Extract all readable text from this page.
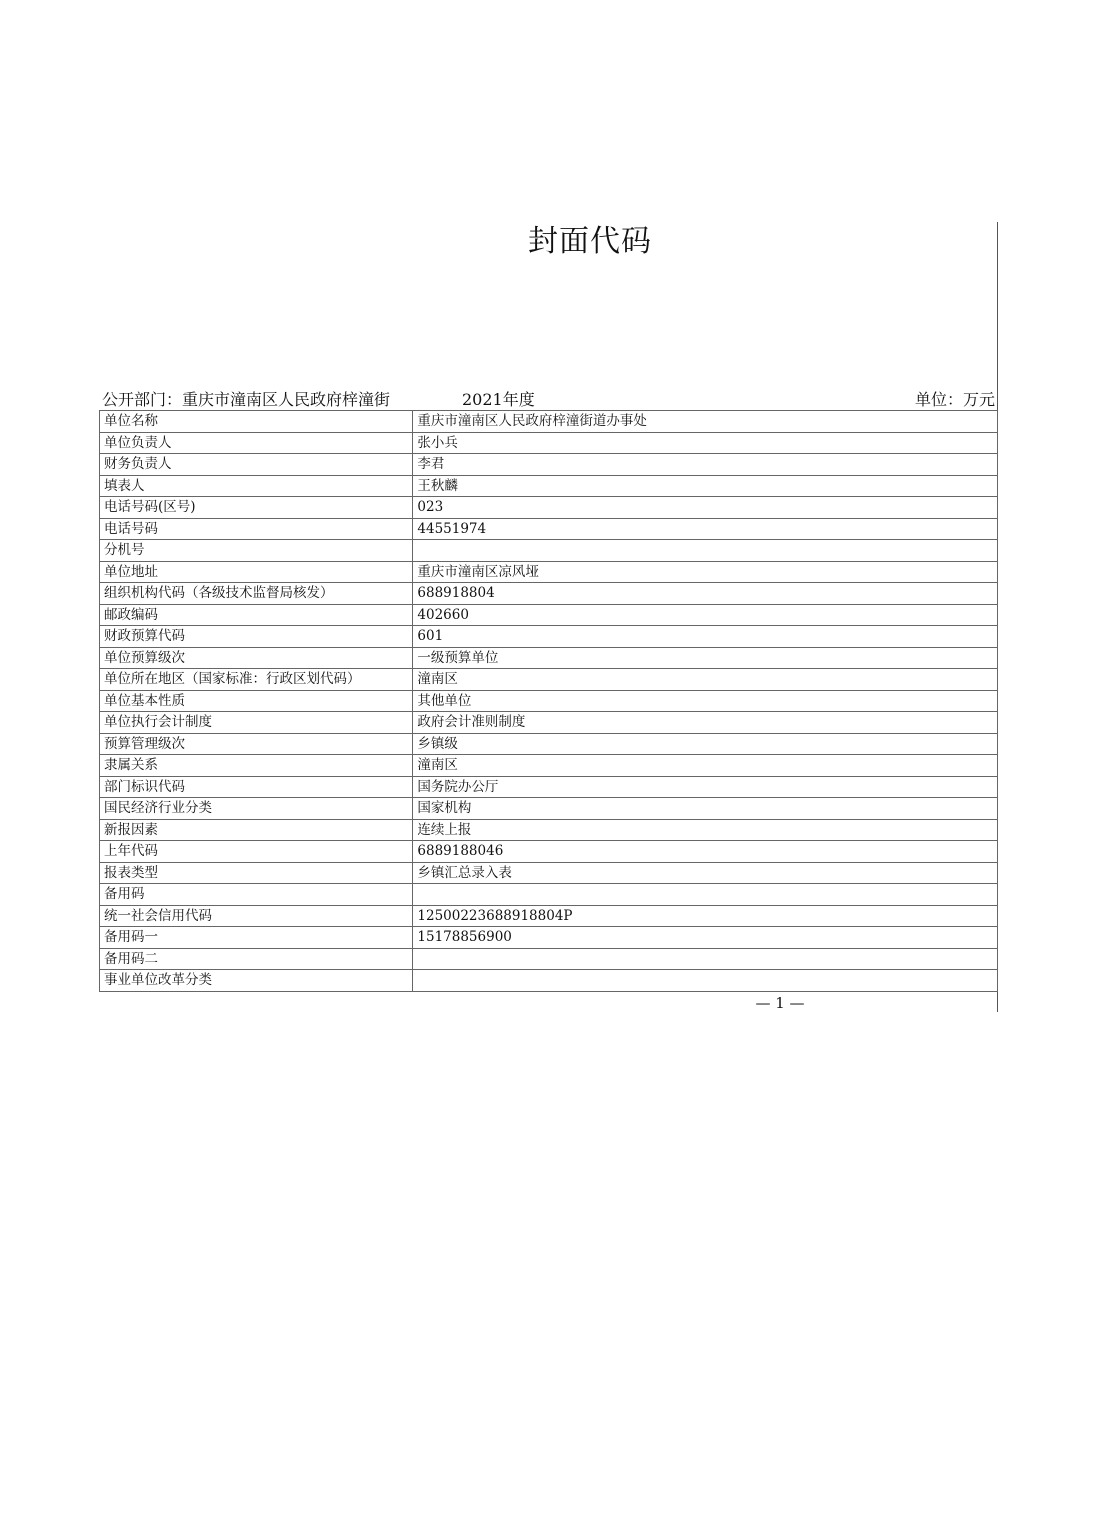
封面代码
公开部门：重庆市潼南区人民政府梓潼街	2021年度	单位：万元
单位名称	重庆市潼南区人民政府梓潼街道办事处
单位负责人	张小兵
财务负责人	李君
填表人	王秋麟
电话号码(区号)	023
电话号码	44551974
分机号	
单位地址	重庆市潼南区凉风垭
组织机构代码（各级技术监督局核发）	688918804
邮政编码	402660
财政预算代码	601
单位预算级次	一级预算单位
单位所在地区（国家标准：行政区划代码）	潼南区
单位基本性质	其他单位
单位执行会计制度	政府会计准则制度
预算管理级次	乡镇级
隶属关系	潼南区
部门标识代码	国务院办公厅
国民经济行业分类	国家机构
新报因素	连续上报
上年代码	6889188046
报表类型	乡镇汇总录入表
备用码	
统一社会信用代码	12500223688918804P
备用码一	15178856900
备用码二	
事业单位改革分类	
— 1 —
